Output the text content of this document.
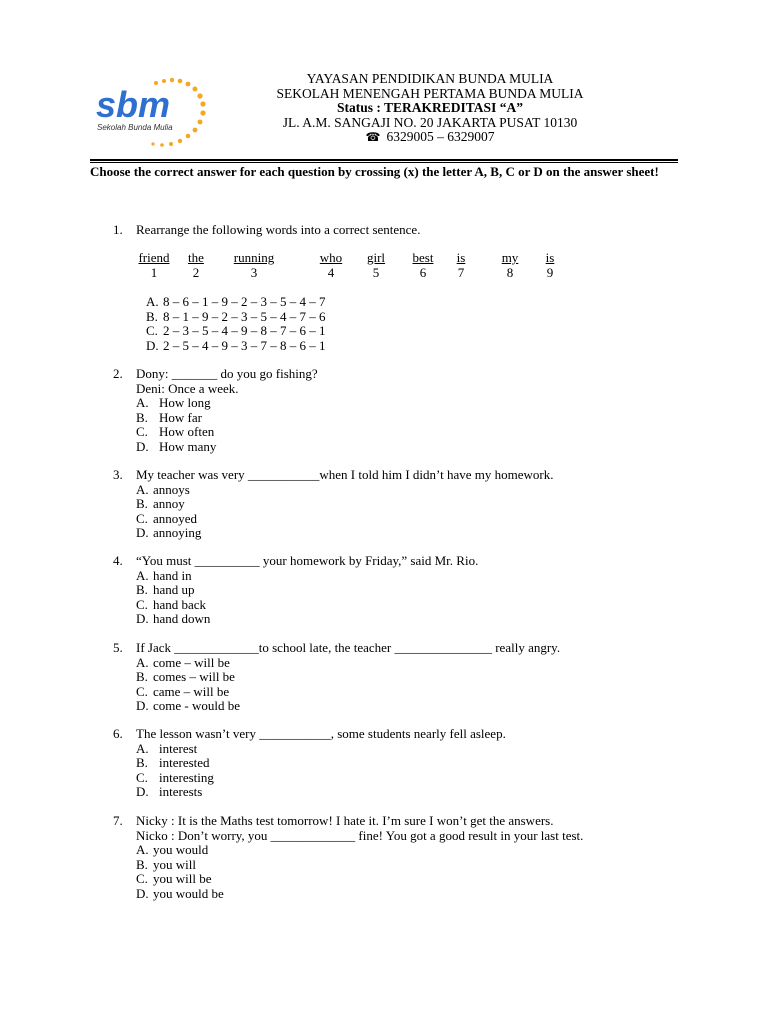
sbm
Sekolah Bunda Mulia
YAYASAN PENDIDIKAN BUNDA MULIA
SEKOLAH MENENGAH PERTAMA BUNDA MULIA
Status : TERAKREDITASI “A”
JL. A.M. SANGAJI NO. 20 JAKARTA PUSAT 10130
☎ 6329005 – 6329007
Choose the correct answer for each question by crossing (x) the letter A, B, C or D on the answer sheet!
1. Rearrange the following words into a correct sentence.
friend
1
the
2
running
3
who
4
girl
5
best
6
is
7
my
8
is
9
A. 8 – 6 – 1 – 9 – 2 – 3 – 5 – 4 – 7
B. 8 – 1 – 9 – 2 – 3 – 5 – 4 – 7 – 6
C. 2 – 3 – 5 – 4 – 9 – 8 – 7 – 6 – 1
D. 2 – 5 – 4 – 9 – 3 – 7 – 8 – 6 – 1
2. Dony: _______ do you go fishing?
Deni: Once a week.
A. How long
B. How far
C. How often
D. How many
3. My teacher was very ___________when I told him I didn’t have my homework.
A. annoys
B. annoy
C. annoyed
D. annoying
4. “You must __________ your homework by Friday,” said Mr. Rio.
A. hand in
B. hand up
C. hand back
D. hand down
5. If Jack _____________to school late, the teacher _______________ really angry.
A. come – will be
B. comes – will be
C. came – will be
D. come - would be
6. The lesson wasn’t very ___________, some students nearly fell asleep.
A. interest
B. interested
C. interesting
D. interests
7. Nicky : It is the Maths test tomorrow! I hate it. I’m sure I won’t get the answers.
Nicko : Don’t worry, you _____________ fine! You got a good result in your last test.
A. you would
B. you will
C. you will be
D. you would be
